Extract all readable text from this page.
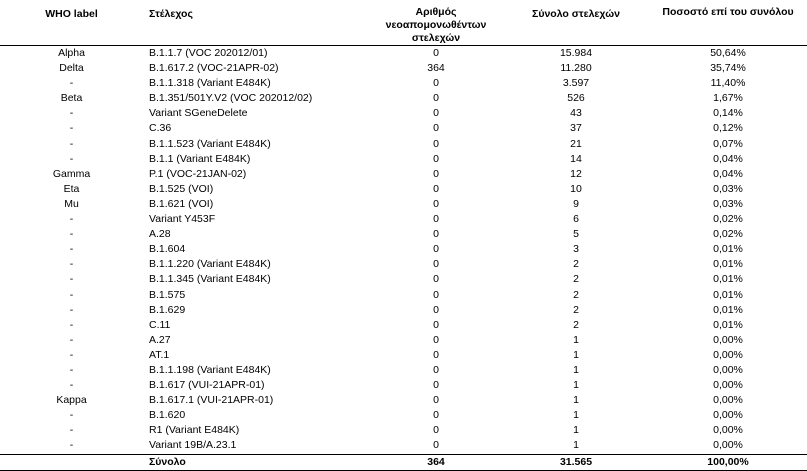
WHO label	Στέλεχος	Αριθμός νεοαπομονωθέντων στελεχών	Σύνολο στελεχών	Ποσοστό επί του συνόλου
Alpha	B.1.1.7 (VOC 202012/01)	0	15.984	50,64%
Delta	B.1.617.2 (VOC-21APR-02)	364	11.280	35,74%
-	B.1.1.318 (Variant E484K)	0	3.597	11,40%
Beta	B.1.351/501Y.V2 (VOC 202012/02)	0	526	1,67%
-	Variant SGeneDelete	0	43	0,14%
-	C.36	0	37	0,12%
-	B.1.1.523 (Variant E484K)	0	21	0,07%
-	B.1.1 (Variant E484K)	0	14	0,04%
Gamma	P.1 (VOC-21JAN-02)	0	12	0,04%
Eta	B.1.525 (VOI)	0	10	0,03%
Mu	B.1.621 (VOI)	0	9	0,03%
-	Variant Y453F	0	6	0,02%
-	A.28	0	5	0,02%
-	B.1.604	0	3	0,01%
-	B.1.1.220 (Variant E484K)	0	2	0,01%
-	B.1.1.345 (Variant E484K)	0	2	0,01%
-	B.1.575	0	2	0,01%
-	B.1.629	0	2	0,01%
-	C.11	0	2	0,01%
-	A.27	0	1	0,00%
-	AT.1	0	1	0,00%
-	B.1.1.198 (Variant E484K)	0	1	0,00%
-	B.1.617 (VUI-21APR-01)	0	1	0,00%
Kappa	B.1.617.1 (VUI-21APR-01)	0	1	0,00%
-	B.1.620	0	1	0,00%
-	R1 (Variant E484K)	0	1	0,00%
-	Variant 19B/A.23.1	0	1	0,00%
	Σύνολο	364	31.565	100,00%
